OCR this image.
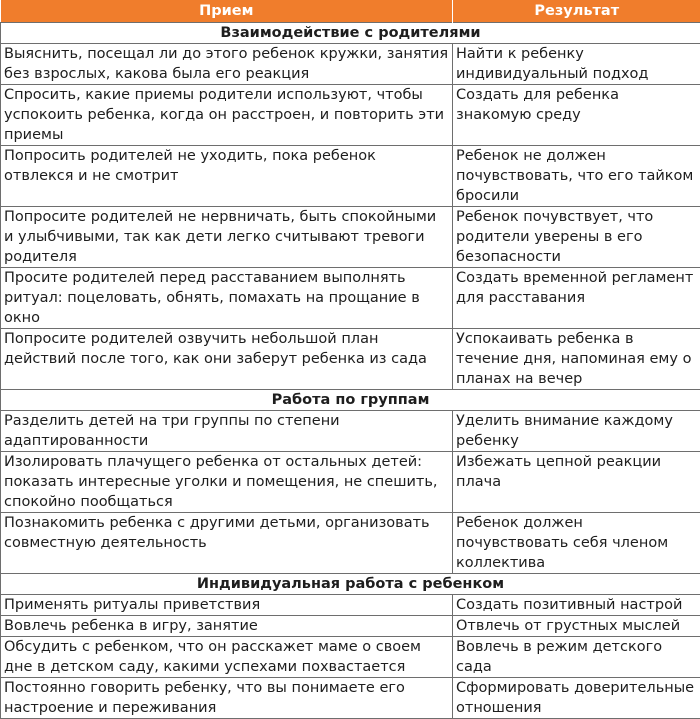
Прием	Результат
Взаимодействие с родителями	
Выяснить, посещал ли до этого ребенок кружки, занятия без взрослых, какова была его реакция	Найти к ребенку индивидуальный подход
Спросить, какие приемы родители используют, чтобы успокоить ребенка, когда он расстроен, и повторить эти приемы	Создать для ребенка знакомую среду
Попросить родителей не уходить, пока ребенок отвлекся и не смотрит	Ребенок не должен почувствовать, что его тайком бросили
Попросите родителей не нервничать, быть спокойными и улыбчивыми, так как дети легко считывают тревоги родителя	Ребенок почувствует, что родители уверены в его безопасности
Просите родителей перед расставанием выполнять ритуал: поцеловать, обнять, помахать на прощание в окно	Создать временной регламент для расставания
Попросите родителей озвучить небольшой план действий после того, как они заберут ребенка из сада	Успокаивать ребенка в течение дня, напоминая ему о планах на вечер
Работа по группам	
Разделить детей на три группы по степени адаптированности	Уделить внимание каждому ребенку
Изолировать плачущего ребенка от остальных детей: показать интересные уголки и помещения, не спешить, спокойно пообщаться	Избежать цепной реакции плача
Познакомить ребенка с другими детьми, организовать совместную деятельность	Ребенок должен почувствовать себя членом коллектива
Индивидуальная работа с ребенком	
Применять ритуалы приветствия	Создать позитивный настрой
Вовлечь ребенка в игру, занятие	Отвлечь от грустных мыслей
Обсудить с ребенком, что он расскажет маме о своем дне в детском саду, какими успехами похвастается	Вовлечь в режим детского сада
Постоянно говорить ребенку, что вы понимаете его настроение и переживания	Сформировать доверительные отношения
